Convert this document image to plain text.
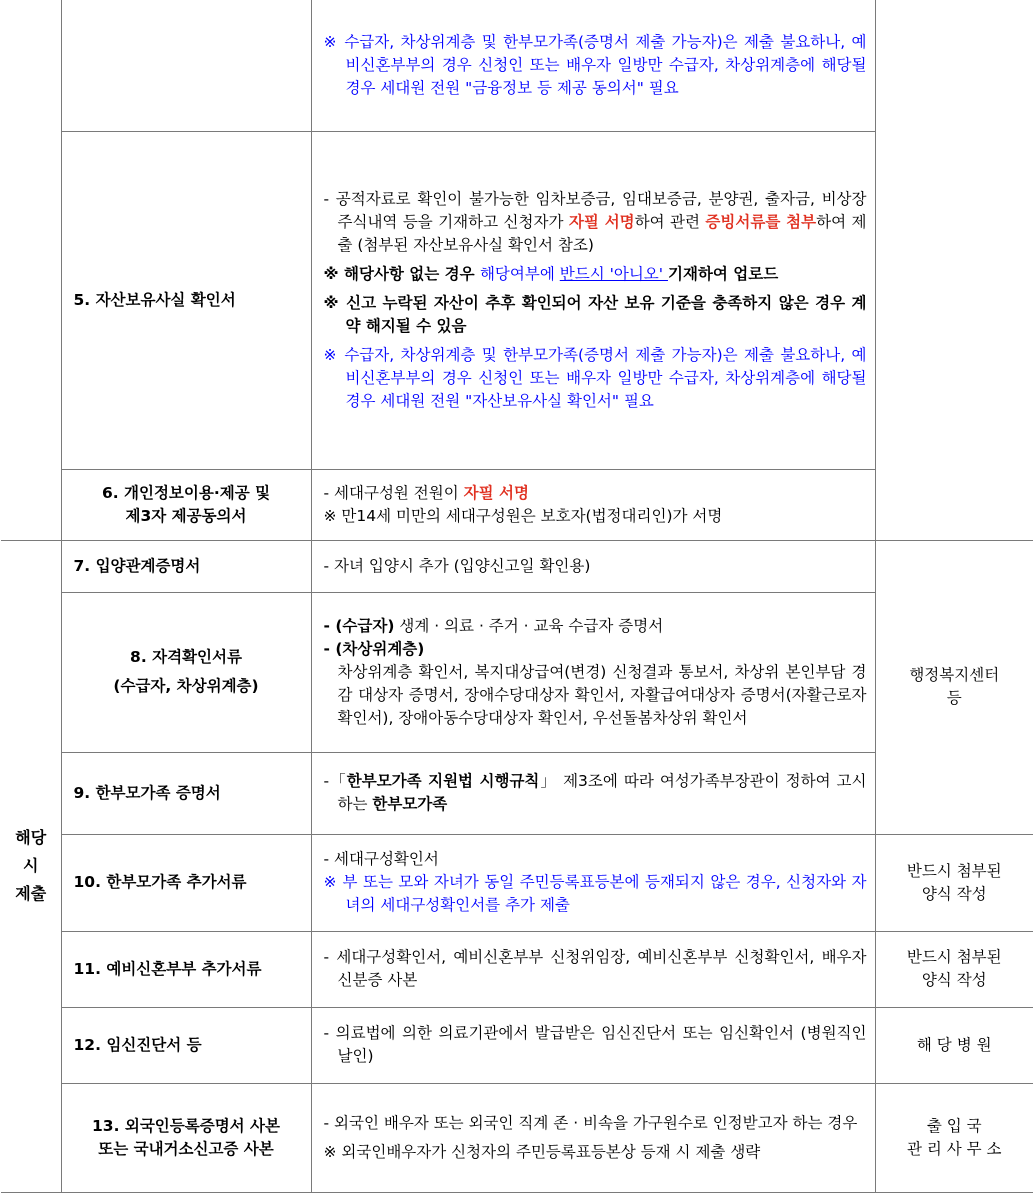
		※ 수급자, 차상위계층 및 한부모가족(증명서 제출 가능자)은 제출 불요하나, 예비신혼부부의 경우 신청인 또는 배우자 일방만 수급자, 차상위계층에 해당될 경우 세대원 전원 "금융정보 등 제공 동의서" 필요	

	5. 자산보유사실 확인서	- 공적자료로 확인이 불가능한 임차보증금, 임대보증금, 분양권, 출자금, 비상장주식내역 등을 기재하고 신청자가 자필 서명하여 관련 증빙서류를 첨부하여 제출 (첨부된 자산보유사실 확인서 참조)
※ 해당사항 없는 경우 해당여부에 반드시 '아니오' 기재하여 업로드
※ 신고 누락된 자산이 추후 확인되어 자산 보유 기준을 충족하지 않은 경우 계약 해지될 수 있음
※ 수급자, 차상위계층 및 한부모가족(증명서 제출 가능자)은 제출 불요하나, 예비신혼부부의 경우 신청인 또는 배우자 일방만 수급자, 차상위계층에 해당될 경우 세대원 전원 "자산보유사실 확인서" 필요	

	6. 개인정보이용·제공 및
제3자 제공동의서	- 세대구성원 전원이 자필 서명
※ 만14세 미만의 세대구성원은 보호자(법정대리인)가 서명	

해당
시
제출	7. 입양관계증명서	- 자녀 입양시 추가 (입양신고일 확인용)	행정복지센터
등

	8. 자격확인서류
(수급자, 차상위계층)	- (수급자) 생계 · 의료 · 주거 · 교육 수급자 증명서
- (차상위계층)
차상위계층 확인서, 복지대상급여(변경) 신청결과 통보서, 차상위 본인부담 경감 대상자 증명서, 장애수당대상자 확인서, 자활급여대상자 증명서(자활근로자 확인서), 장애아동수당대상자 확인서, 우선돌봄차상위 확인서	

	9. 한부모가족 증명서	-「한부모가족 지원법 시행규칙」 제3조에 따라 여성가족부장관이 정하여 고시하는 한부모가족	

	10. 한부모가족 추가서류	- 세대구성확인서
※ 부 또는 모와 자녀가 동일 주민등록표등본에 등재되지 않은 경우, 신청자와 자녀의 세대구성확인서를 추가 제출	반드시 첨부된
양식 작성

	11. 예비신혼부부 추가서류	- 세대구성확인서, 예비신혼부부 신청위임장, 예비신혼부부 신청확인서, 배우자 신분증 사본	반드시 첨부된
양식 작성

	12. 임신진단서 등	- 의료법에 의한 의료기관에서 발급받은 임신진단서 또는 임신확인서 (병원직인 날인)	해 당 병 원

	13. 외국인등록증명서 사본
또는 국내거소신고증 사본	- 외국인 배우자 또는 외국인 직계 존 · 비속을 가구원수로 인정받고자 하는 경우
※ 외국인배우자가 신청자의 주민등록표등본상 등재 시 제출 생략	출 입 국
관 리 사 무 소
